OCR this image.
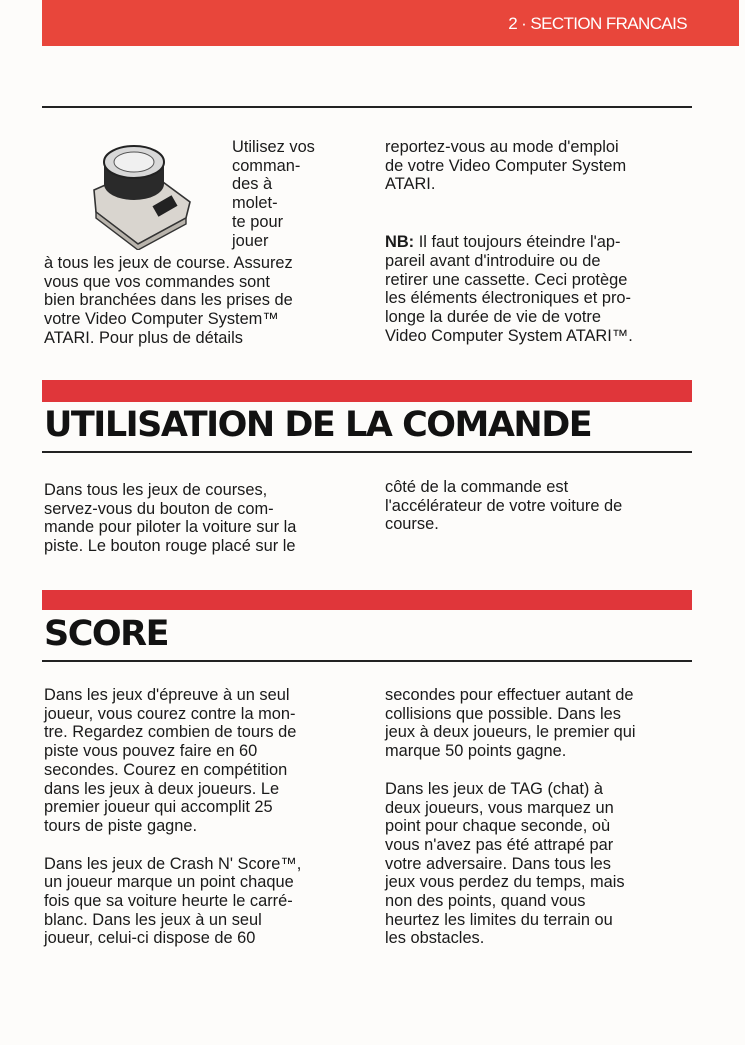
2 · SECTION FRANCAIS
Utilisez vos
comman-
des à
molet-
te pour
jouer
à tous les jeux de course. Assurez
vous que vos commandes sont
bien branchées dans les prises de
votre Video Computer System™
ATARI. Pour plus de détails
reportez-vous au mode d'emploi
de votre Video Computer System
ATARI.
NB: Il faut toujours éteindre l'ap-
pareil avant d'introduire ou de
retirer une cassette. Ceci protège
les éléments électroniques et pro-
longe la durée de vie de votre
Video Computer System ATARI™.
UTILISATION DE LA COMANDE
Dans tous les jeux de courses,
servez-vous du bouton de com-
mande pour piloter la voiture sur la
piste. Le bouton rouge placé sur le
côté de la commande est
l'accélérateur de votre voiture de
course.
SCORE
Dans les jeux d'épreuve à un seul
joueur, vous courez contre la mon-
tre. Regardez combien de tours de
piste vous pouvez faire en 60
secondes. Courez en compétition
dans les jeux à deux joueurs. Le
premier joueur qui accomplit 25
tours de piste gagne.
Dans les jeux de Crash N' Score™,
un joueur marque un point chaque
fois que sa voiture heurte le carré-
blanc. Dans les jeux à un seul
joueur, celui-ci dispose de 60
secondes pour effectuer autant de
collisions que possible. Dans les
jeux à deux joueurs, le premier qui
marque 50 points gagne.
Dans les jeux de TAG (chat) à
deux joueurs, vous marquez un
point pour chaque seconde, où
vous n'avez pas été attrapé par
votre adversaire. Dans tous les
jeux vous perdez du temps, mais
non des points, quand vous
heurtez les limites du terrain ou
les obstacles.
